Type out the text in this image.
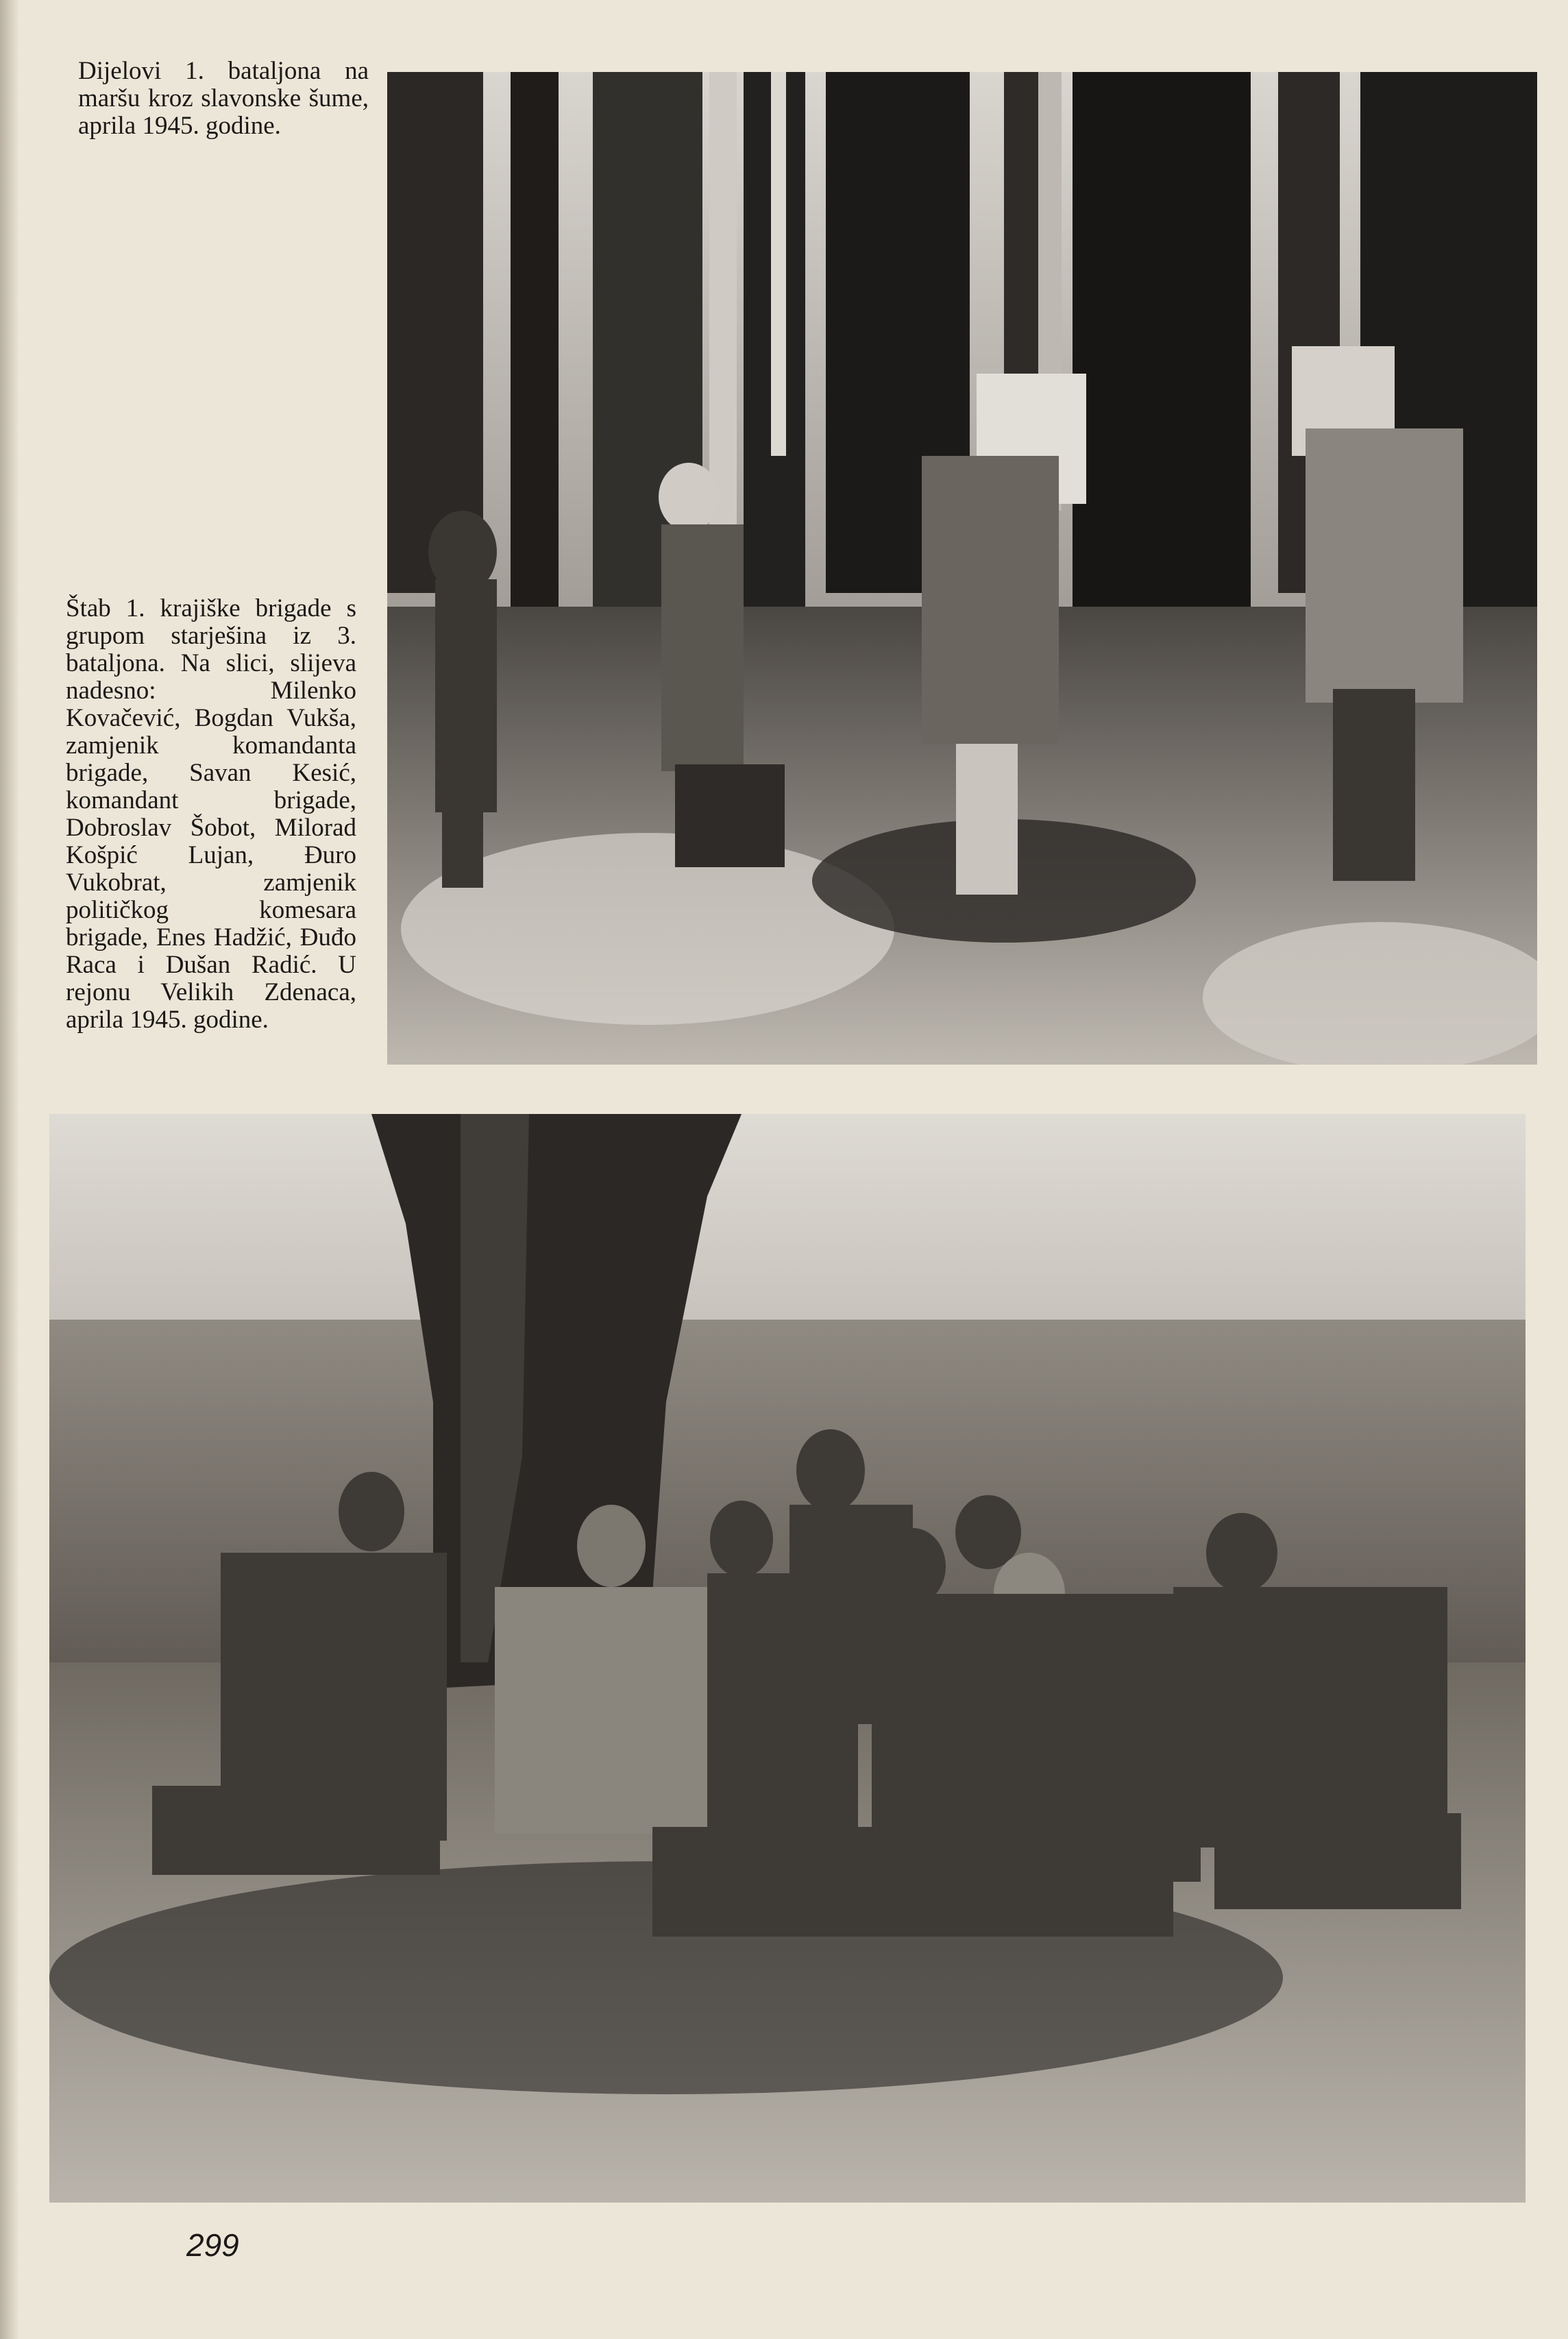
Dijelovi 1. bataljona na maršu kroz slavonske šume, aprila 1945. godine.

Štab 1. krajiške brigade s grupom starješina iz 3. bataljona. Na slici, slijeva nadesno: Milenko Kovačević, Bogdan Vukša, zamjenik komandanta brigade, Savan Kesić, komandant brigade, Dobroslav Šobot, Milorad Košpić Lujan, Đuro Vukobrat, zamjenik političkog komesara brigade, Enes Hadžić, Đuđo Raca i Dušan Radić. U rejonu Velikih Zdenaca, aprila 1945. godine.

299
